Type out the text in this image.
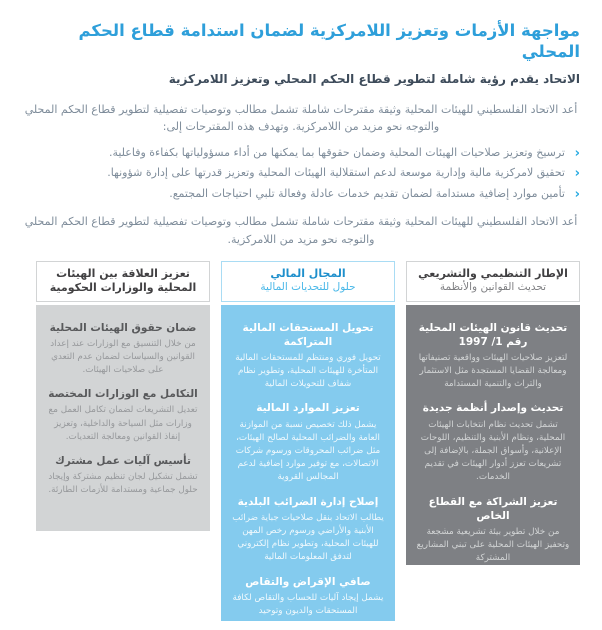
مواجهة الأزمات وتعزيز اللامركزية لضمان استدامة قطاع الحكم المحلي
الاتحاد يقدم رؤية شاملة لتطوير قطاع الحكم المحلي وتعزيز اللامركزية

أعد الاتحاد الفلسطيني للهيئات المحلية وثيقة مقترحات شاملة تشمل مطالب وتوصيات تفصيلية لتطوير قطاع الحكم المحلي والتوجه نحو مزيد من اللامركزية. وتهدف هذه المقترحات إلى:

‹
ترسيخ وتعزيز صلاحيات الهيئات المحلية وضمان حقوقها بما يمكنها من أداء مسؤولياتها بكفاءة وفاعلية.
‹
تحقيق لامركزية مالية وإدارية موسعة لدعم استقلالية الهيئات المحلية وتعزيز قدرتها على إدارة شؤونها.
‹
تأمين موارد إضافية مستدامة لضمان تقديم خدمات عادلة وفعالة تلبي احتياجات المجتمع.

أعد الاتحاد الفلسطيني للهيئات المحلية وثيقة مقترحات شاملة تشمل مطالب وتوصيات تفصيلية لتطوير قطاع الحكم المحلي والتوجه نحو مزيد من اللامركزية.

الإطار التنظيمي والتشريعي
تحديث القوانين والأنظمة
تحديث قانون الهيئات المحلية رقم 1/ 1997

لتعزيز صلاحيات الهيئات وواقعية تصنيفاتها ومعالجة القضايا المستجدة مثل الاستثمار والتراث والتنمية المستدامة

تحديث وإصدار أنظمة جديدة

تشمل تحديث نظام انتخابات الهيئات المحلية، ونظام الأبنية والتنظيم، اللوحات الإعلانية، وأسواق الجملة، بالإضافة إلى تشريعات تعزز أدوار الهيئات في تقديم الخدمات.

تعزيز الشراكة مع القطاع الخاص

من خلال تطوير بيئة تشريعية مشجعة وتحفيز الهيئات المحلية على تبني المشاريع المشتركة

المجال المالي
حلول للتحديات المالية
تحويل المستحقات المالية المتراكمة

تحويل فوري ومنتظم للمستحقات المالية المتأخرة للهيئات المحلية، وتطوير نظام شفاف للتحويلات المالية

تعزيز الموارد المالية

يشمل ذلك تخصيص نسبة من الموازنة العامة والضرائب المحلية لصالح الهيئات، مثل ضرائب المحروقات ورسوم شركات الاتصالات، مع توفير موارد إضافية لدعم المجالس القروية

إصلاح إدارة الضرائب البلدية

يطالب الاتحاد بنقل صلاحيات جباية ضرائب الأبنية والأراضي ورسوم رخص المهن للهيئات المحلية، وتطوير نظام إلكتروني لتدفق المعلومات المالية

صافي الإقراض والتقاص

يشمل إيجاد آليات للحساب والتقاص لكافة المستحقات والديون وتوحيد

تعزيز العلاقة بين الهيئات المحلية والوزارات الحكومية
ضمان حقوق الهيئات المحلية

من خلال التنسيق مع الوزارات عند إعداد القوانين والسياسات لضمان عدم التعدي على صلاحيات الهيئات.

التكامل مع الوزارات المختصة

تعديل التشريعات لضمان تكامل العمل مع وزارات مثل السياحة والداخلية، وتعزيز إنفاذ القوانين ومعالجة التعديات.

تأسيس آليات عمل مشترك

تشمل تشكيل لجان تنظيم مشتركة وإيجاد حلول جماعية ومستدامة للأزمات الطارئة.
